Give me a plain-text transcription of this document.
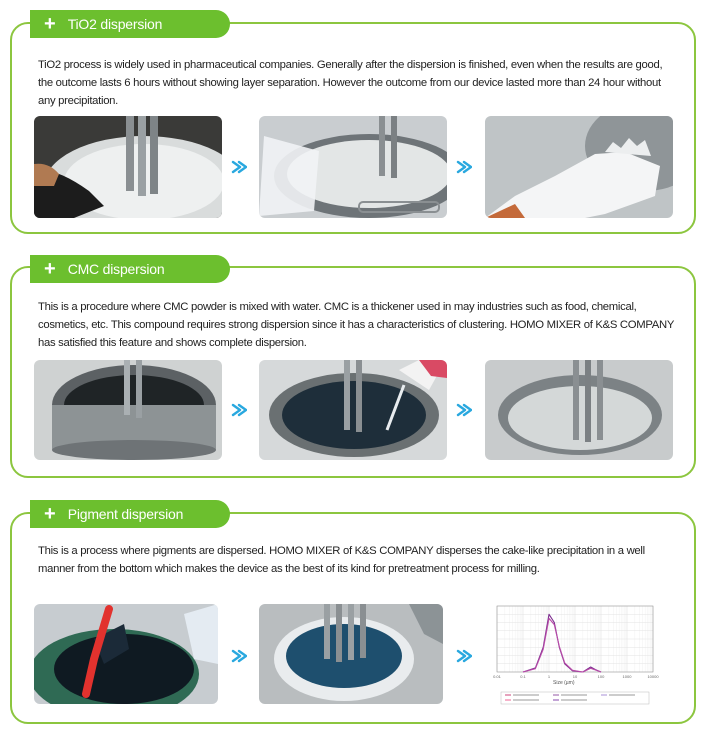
+ TiO2 dispersion

TiO2 process is widely used in pharmaceutical companies. Generally after the dispersion is finished, even when the results are good, the outcome lasts 6 hours without showing layer separation. However the outcome from our device lasted more than 24 hour without any precipitation.

+ CMC dispersion

This is a procedure where CMC powder is mixed with water. CMC is a thickener used in may industries such as food, chemical, cosmetics, etc. This compound requires strong dispersion since it has a characteristics of clustering. HOMO MIXER of K&S COMPANY has satisfied this feature and shows complete dispersion.

+ Pigment dispersion

This is a process where pigments are dispersed. HOMO MIXER of K&S COMPANY disperses the cake-like precipitation in a well manner from the bottom which makes the device as the best of its kind for pretreatment process for milling.

0.01	0.1	1	10	100	1000	10000
Size (µm)
